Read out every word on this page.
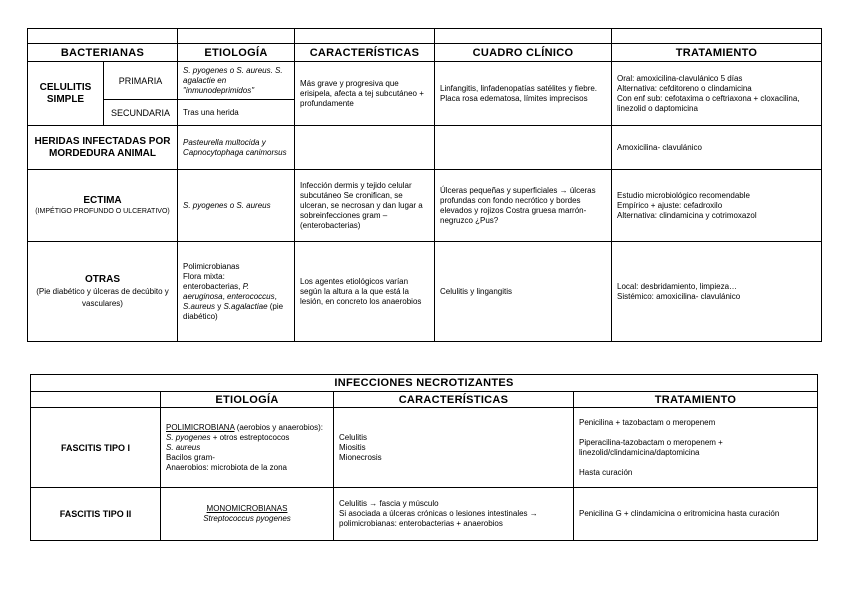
BACTERIANAS		ETIOLOGÍA	CARACTERÍSTICAS	CUADRO CLÍNICO	TRATAMIENTO
CELULITIS SIMPLE	PRIMARIA	S. pyogenes o S. aureus. S. agalactie en "inmunodeprimidos"	Más grave y progresiva que erisipela, afecta a tej subcutáneo + profundamente	Linfangitis, linfadenopatías satélites y fiebre. Placa rosa edematosa, límites imprecisos	Oral: amoxicilina-clavulánico 5 días
Alternativa: cefditoreno o clindamicina
Con enf sub: cefotaxima o ceftriaxona + cloxacilina, linezolid o daptomicina

	SECUNDARIA	Tras una herida			
HERIDAS INFECTADAS POR MORDEDURA ANIMAL		Pasteurella multocida y Capnocytophaga canimorsus			Amoxicilina- clavulánico

ECTIMA
(IMPÉTIGO PROFUNDO O ULCERATIVO)		S. pyogenes o S. aureus	Infección dermis y tejido celular subcutáneo Se cronifican, se ulceran, se necrosan y dan lugar a sobreinfecciones gram – (enterobacterias)	Úlceras pequeñas y superficiales → úlceras profundas con fondo necrótico y bordes elevados y rojizos Costra gruesa marrón-negruzco ¿Pus?	Estudio microbiológico recomendable
Empírico + ajuste: cefadroxilo
Alternativa: clindamicina y cotrimoxazol

OTRAS
(Pie diabético y úlceras de decúbito y vasculares)		Polimicrobianas
Flora mixta:
enterobacterias, P. aeruginosa, enterococcus, S.aureus y S.agalactiae (pie diabético)	Los agentes etiológicos varían según la altura a la que está la lesión, en concreto los anaerobios	Celulitis y lingangitis	Local: desbridamiento, limpieza…
Sistémico: amoxicilina- clavulánico
INFECCIONES NECROTIZANTES			
	ETIOLOGÍA	CARACTERÍSTICAS	TRATAMIENTO
FASCITIS TIPO I	POLIMICROBIANA (aerobios y anaerobios):
S. pyogenes + otros estreptococos
S. aureus
Bacilos gram-
Anaerobios: microbiota de la zona	Celulitis
Miositis
Mionecrosis	Penicilina + tazobactam o meropenem
Piperacilina-tazobactam o meropenem + linezolid/clindamicina/daptomicina
Hasta curación

FASCITIS TIPO II	MONOMICROBIANAS
Streptococcus pyogenes	Celulitis → fascia y músculo
Si asociada a úlceras crónicas o lesiones intestinales → polimicrobianas: enterobacterias + anaerobios	Penicilina G + clindamicina o eritromicina hasta curación
